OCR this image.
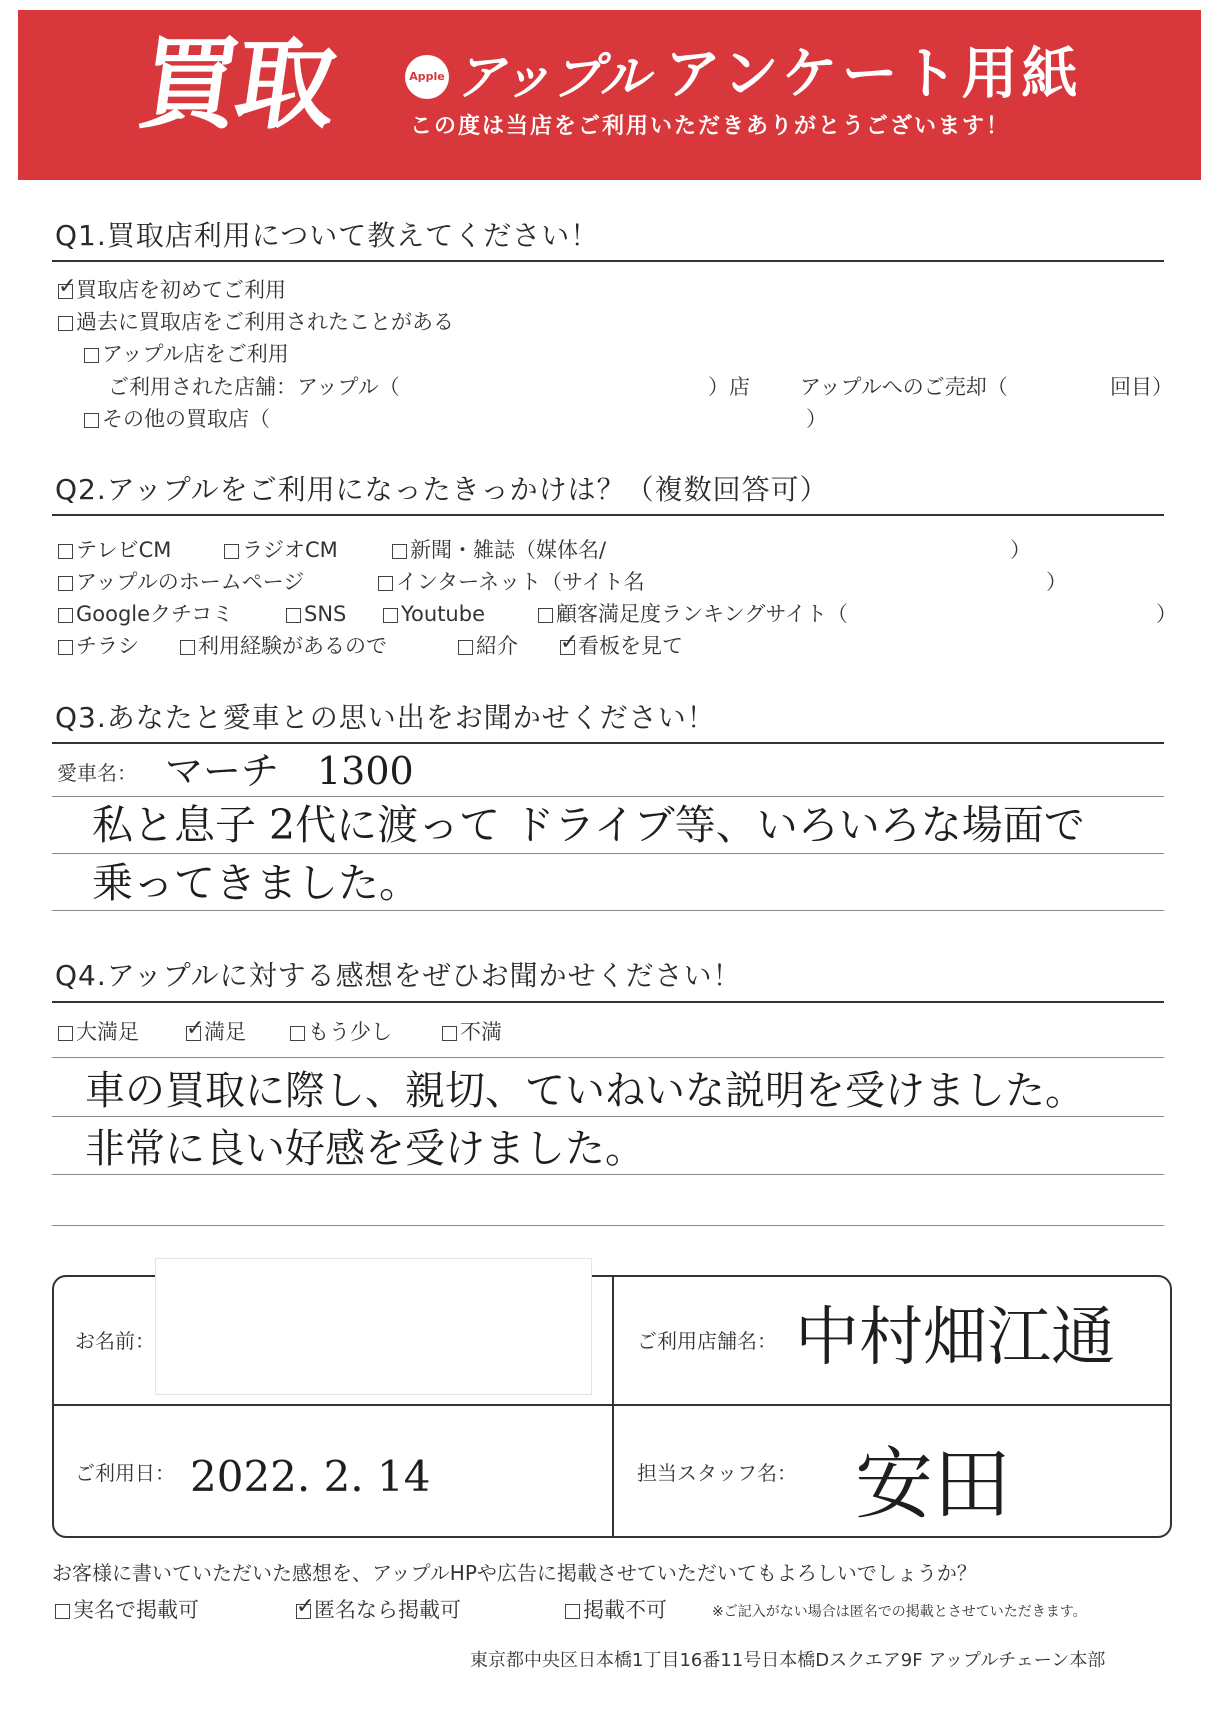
買取	Apple アップル アンケート用紙
この度は当店をご利用いただきありがとうございます！
Q1.買取店利用について教えてください！
✓買取店を初めてご利用
過去に買取店をご利用されたことがある
アップル店をご利用
ご利用された店舗：アップル（	）店 アップルへのご売却（	回目）
その他の買取店（	）
Q2.アップルをご利用になったきっかけは？（複数回答可）
テレビCM	ラジオCM	新聞・雑誌（媒体名/	）
アップルのホームページ	インターネット（サイト名	）
Googleクチコミ	SNS	Youtube	顧客満足度ランキングサイト（	）
チラシ	利用経験があるので	紹介 ✓	看板を見て
Q3.あなたと愛車との思い出をお聞かせください！
愛車名： マーチ　1300
私と息子 2代に渡って ドライブ等、いろいろな場面で
乗ってきました。
Q4.アップルに対する感想をぜひお聞かせください！
大満足 ✓	満足	もう少し	不満
車の買取に際し、親切、ていねいな説明を受けました。
非常に良い好感を受けました。
お名前：	ご利用店舗名： 中村畑江通
ご利用日： 2022. 2. 14	担当スタッフ名： 安田
お客様に書いていただいた感想を、アップルHPや広告に掲載させていただいてもよろしいでしょうか？
実名で掲載可 ✓	匿名なら掲載可	掲載不可	※ご記入がない場合は匿名での掲載とさせていただきます。
東京都中央区日本橋1丁目16番11号日本橋Dスクエア9F アップルチェーン本部
